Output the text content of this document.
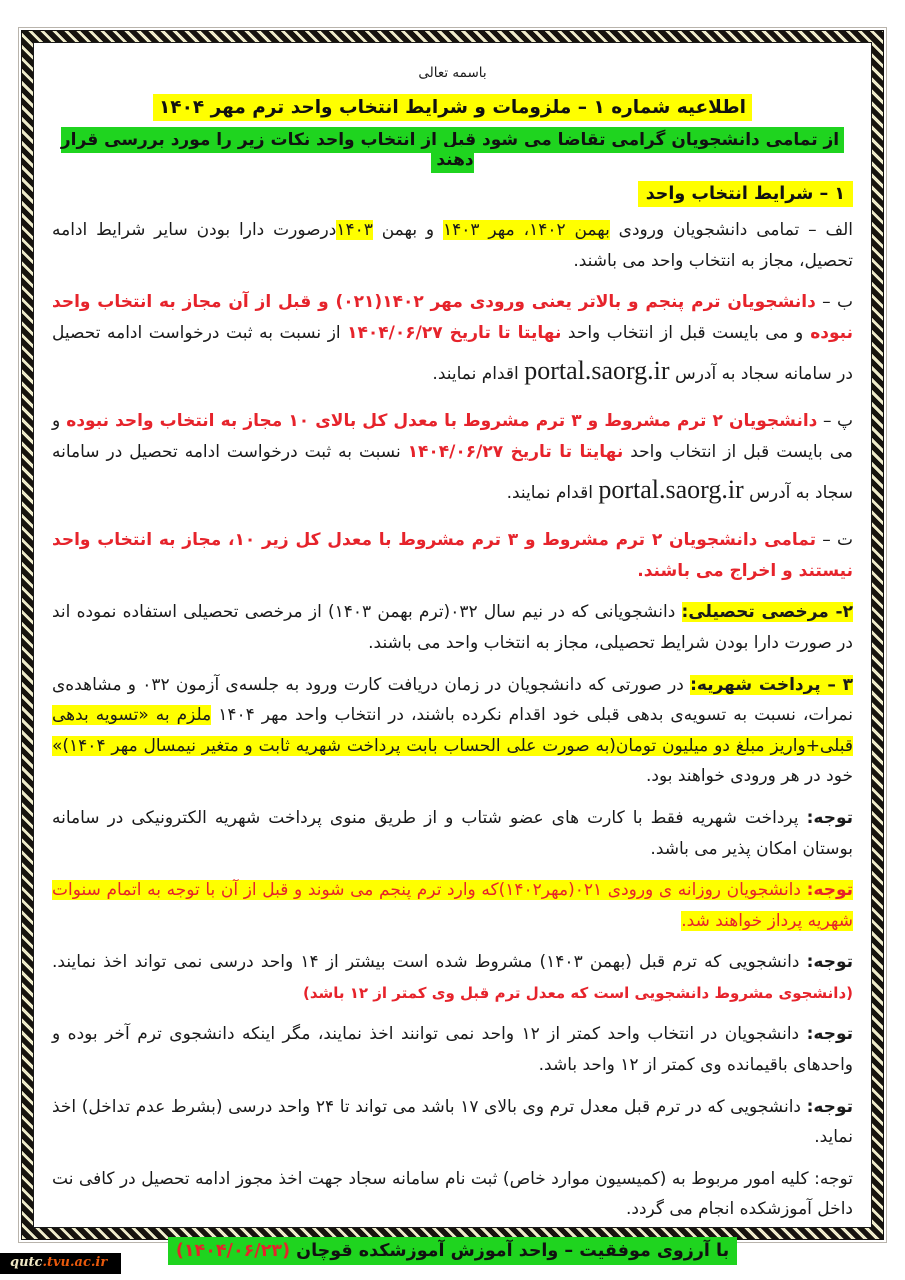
باسمه تعالی
اطلاعیه شماره ۱ – ملزومات و شرایط انتخاب واحد ترم مهر ۱۴۰۴
از تمامی دانشجویان گرامی تقاضا می شود قبل از انتخاب واحد نکات زیر را مورد بررسی قرار دهند
۱ – شرایط انتخاب واحد

الف – تمامی دانشجویان ورودی بهمن ۱۴۰۲، مهر ۱۴۰۳ و بهمن ۱۴۰۳درصورت دارا بودن سایر شرایط ادامه تحصیل، مجاز به انتخاب واحد می باشند.

ب – دانشجویان ترم پنجم و بالاتر یعنی ورودی مهر ۱۴۰۲(۰۲۱) و قبل از آن مجاز به انتخاب واحد نبوده و می بایست قبل از انتخاب واحد نهایتا تا تاریخ ۱۴۰۴/۰۶/۲۷ از نسبت به ثبت درخواست ادامه تحصیل در سامانه سجاد به آدرس portal.saorg.ir اقدام نمایند.

پ – دانشجویان ۲ ترم مشروط و ۳ ترم مشروط با معدل کل بالای ۱۰ مجاز به انتخاب واحد نبوده و می بایست قبل از انتخاب واحد نهایتا تا تاریخ ۱۴۰۴/۰۶/۲۷ نسبت به ثبت درخواست ادامه تحصیل در سامانه سجاد به آدرس portal.saorg.ir اقدام نمایند.

ت – تمامی دانشجویان ۲ ترم مشروط و ۳ ترم مشروط با معدل کل زیر ۱۰، مجاز به انتخاب واحد نیستند و اخراج می باشند.

۲- مرخصی تحصیلی: دانشجویانی که در نیم سال ۰۳۲(ترم بهمن ۱۴۰۳) از مرخصی تحصیلی استفاده نموده اند در صورت دارا بودن شرایط تحصیلی، مجاز به انتخاب واحد می باشند.

۳ – پرداخت شهریه: در صورتی که دانشجویان در زمان دریافت کارت ورود به جلسه‌ی آزمون ۰۳۲ و مشاهده‌ی نمرات، نسبت به تسویه‌ی بدهی قبلی خود اقدام نکرده باشند، در انتخاب واحد مهر ۱۴۰۴ ملزم به «تسویه بدهی قبلی+واریز مبلغ دو میلیون تومان(به صورت علی الحساب بابت پرداخت شهریه ثابت و متغیر نیمسال مهر ۱۴۰۴)» خود در هر ورودی خواهند بود.

توجه: پرداخت شهریه فقط با کارت های عضو شتاب و از طریق منوی پرداخت شهریه الکترونیکی در سامانه بوستان امکان پذیر می باشد.

توجه: دانشجویان روزانه ی ورودی ۰۲۱(مهر۱۴۰۲)که وارد ترم پنجم می شوند و قبل از آن با توجه به اتمام سنوات شهریه پرداز خواهند شد.

توجه: دانشجویی که ترم قبل (بهمن ۱۴۰۳) مشروط شده است بیشتر از ۱۴ واحد درسی نمی تواند اخذ نمایند. (دانشجوی مشروط دانشجویی است که معدل ترم قبل وی کمتر از ۱۲ باشد)

توجه: دانشجویان در انتخاب واحد کمتر از ۱۲ واحد نمی توانند اخذ نمایند، مگر اینکه دانشجوی ترم آخر بوده و واحدهای باقیمانده وی کمتر از ۱۲ واحد باشد.

توجه: دانشجویی که در ترم قبل معدل ترم وی بالای ۱۷ باشد می تواند تا ۲۴ واحد درسی (بشرط عدم تداخل) اخذ نماید.

توجه: کلیه امور مربوط به (کمیسیون موارد خاص) ثبت نام سامانه سجاد جهت اخذ مجوز ادامه تحصیل در کافی نت داخل آموزشکده انجام می گردد.

با آرزوی موفقیت – واحد آموزش آموزشکده قوچان (۱۴۰۴/۰۶/۲۳)
qutc.tvu.ac.ir
